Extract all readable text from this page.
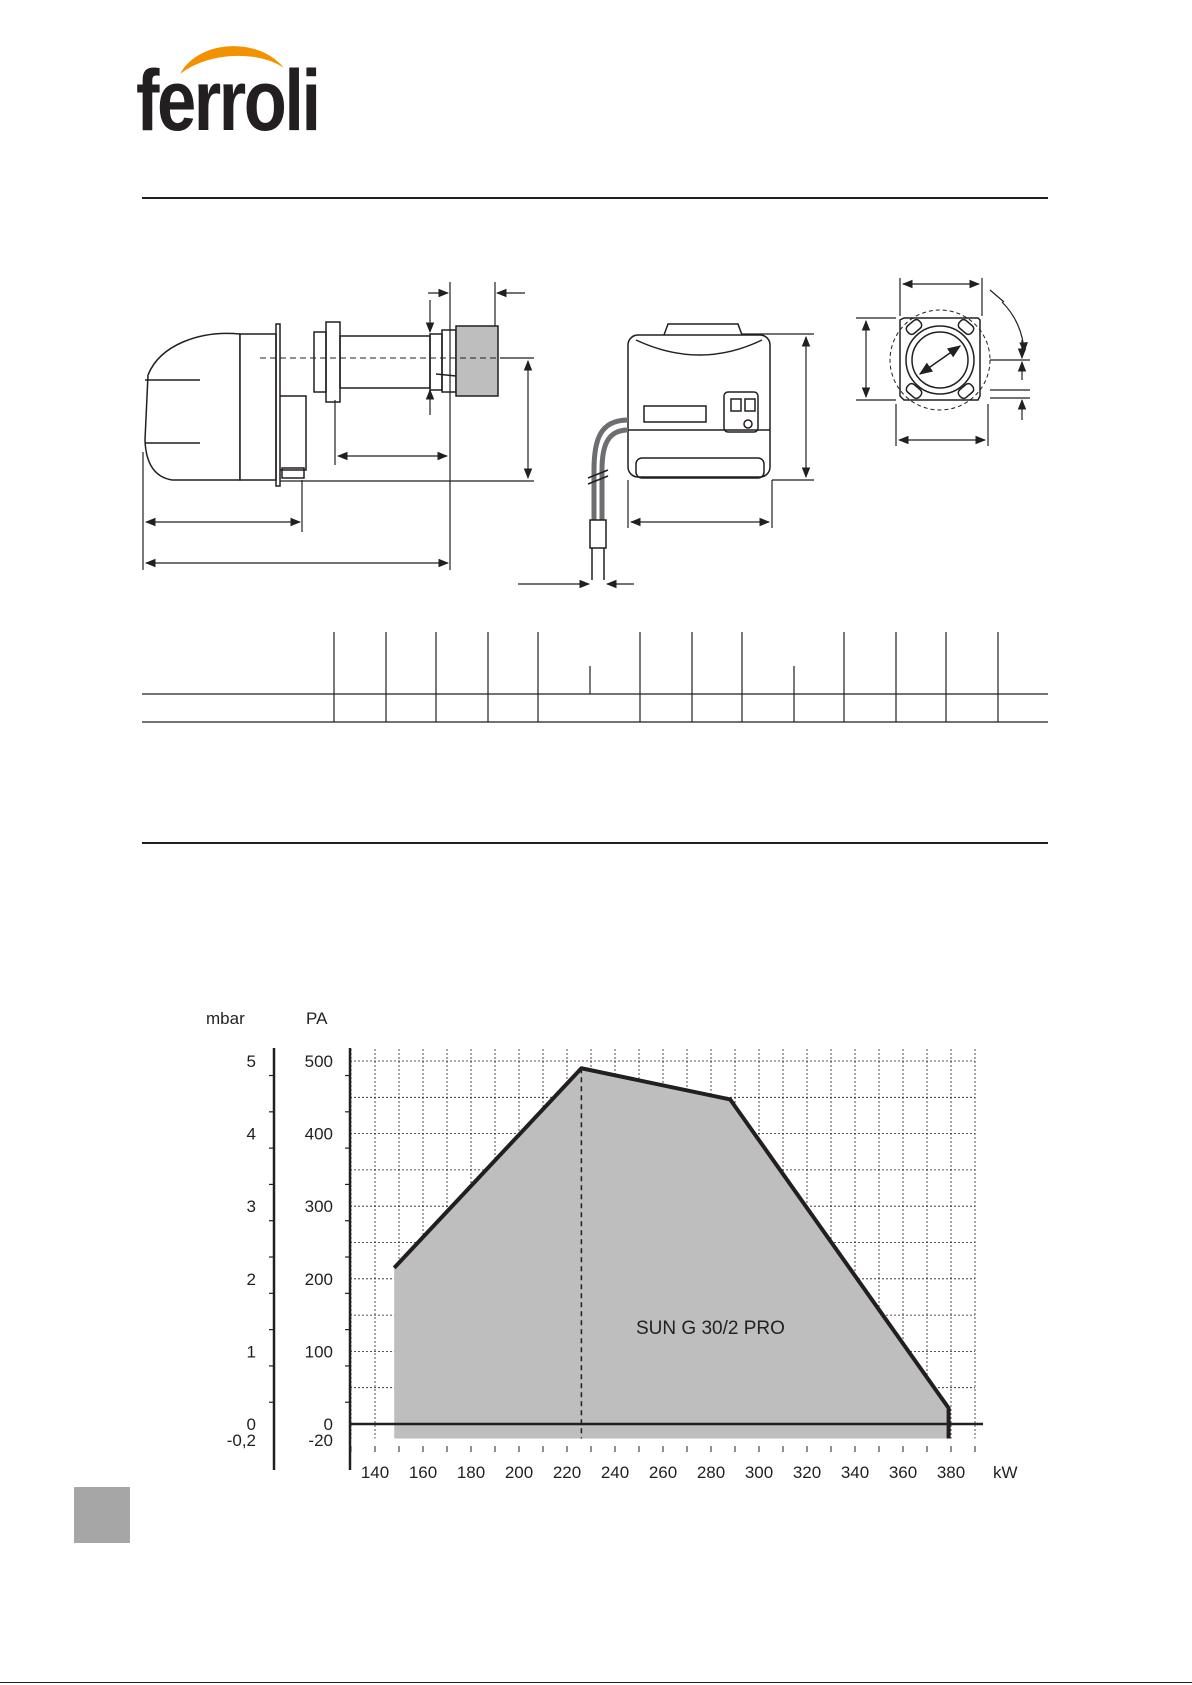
ferroli
140 160 180 200 220 240 260 280 300 320 340 360 380
500
400
300
200
100
0
-20
5
4
3
2
1
0
-0,2
mbar	PA
kW
SUN G 30/2 PRO
